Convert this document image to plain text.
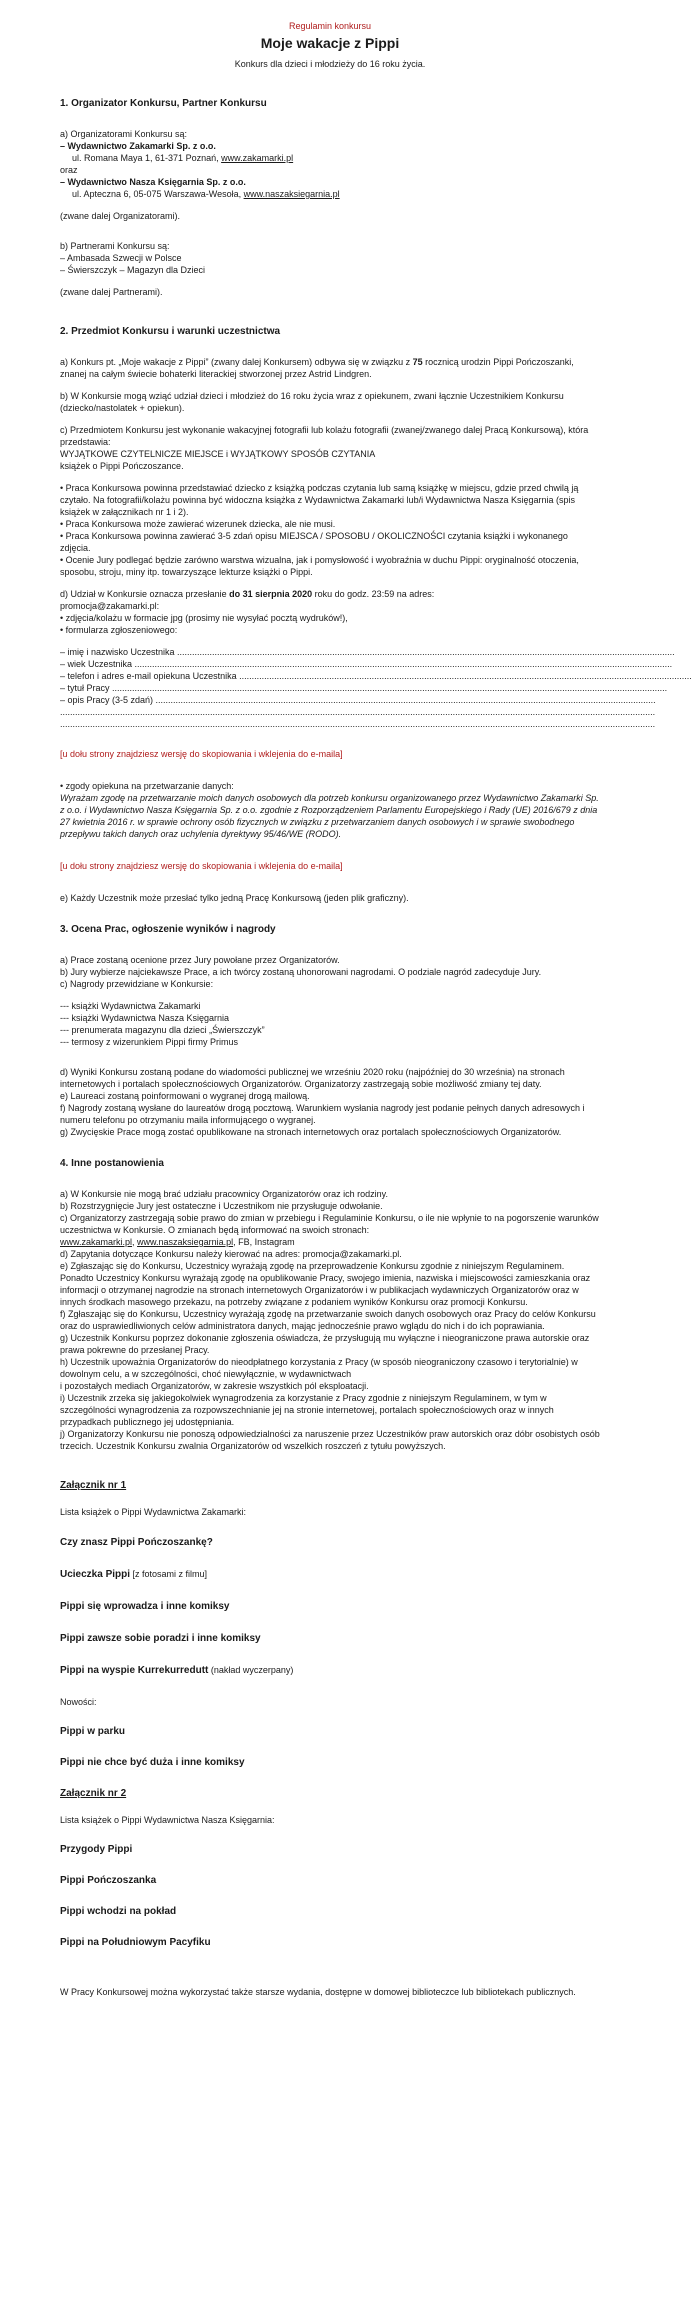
Regulamin konkursu

Moje wakacje z Pippi

Konkurs dla dzieci i młodzieży do 16 roku życia.

1. Organizator Konkursu, Partner Konkursu

a) Organizatorami Konkursu są:

– Wydawnictwo Zakamarki Sp. z o.o.

ul. Romana Maya 1, 61-371 Poznań, www.zakamarki.pl

oraz

– Wydawnictwo Nasza Księgarnia Sp. z o.o.

ul. Apteczna 6, 05-075 Warszawa-Wesoła, www.naszaksiegarnia.pl

(zwane dalej Organizatorami).

b) Partnerami Konkursu są:

– Ambasada Szwecji w Polsce

– Świerszczyk – Magazyn dla Dzieci

(zwane dalej Partnerami).

2. Przedmiot Konkursu i warunki uczestnictwa

a) Konkurs pt. „Moje wakacje z Pippi” (zwany dalej Konkursem) odbywa się w związku z 75 rocznicą urodzin Pippi Pończoszanki, znanej na całym świecie bohaterki literackiej stworzonej przez Astrid Lindgren.

b) W Konkursie mogą wziąć udział dzieci i młodzież do 16 roku życia wraz z opiekunem, zwani łącznie Uczestnikiem Konkursu (dziecko/nastolatek + opiekun).

c) Przedmiotem Konkursu jest wykonanie wakacyjnej fotografii lub kolażu fotografii (zwanej/zwanego dalej Pracą Konkursową), która przedstawia:

WYJĄTKOWE CZYTELNICZE MIEJSCE i WYJĄTKOWY SPOSÓB CZYTANIA

książek o Pippi Pończoszance.

• Praca Konkursowa powinna przedstawiać dziecko z książką podczas czytania lub samą książkę w miejscu, gdzie przed chwilą ją czytało. Na fotografii/kolażu powinna być widoczna książka z Wydawnictwa Zakamarki lub/i Wydawnictwa Nasza Księgarnia (spis książek w załącznikach nr 1 i 2).

• Praca Konkursowa może zawierać wizerunek dziecka, ale nie musi.

• Praca Konkursowa powinna zawierać 3-5 zdań opisu MIEJSCA / SPOSOBU / OKOLICZNOŚCI czytania książki i wykonanego zdjęcia.

• Ocenie Jury podlegać będzie zarówno warstwa wizualna, jak i pomysłowość i wyobraźnia w duchu Pippi: oryginalność otoczenia, sposobu, stroju, miny itp. towarzyszące lekturze książki o Pippi.

d) Udział w Konkursie oznacza przesłanie do 31 sierpnia 2020 roku do godz. 23:59 na adres:

promocja@zakamarki.pl:

• zdjęcia/kolażu w formacie jpg (prosimy nie wysyłać pocztą wydruków!),

• formularza zgłoszeniowego:

– imię i nazwisko Uczestnika .......................................................................................................................................................................................................
– wiek Uczestnika .......................................................................................................................................................................................................................
– telefon i adres e-mail opiekuna Uczestnika .....................................................................................................................................................................................
– tytuł Pracy ..............................................................................................................................................................................................................................
– opis Pracy (3-5 zdań) ........................................................................................................................................................................................................
..............................................................................................................................................................................................................................................
..............................................................................................................................................................................................................................................

[u dołu strony znajdziesz wersję do skopiowania i wklejenia do e-maila]

• zgody opiekuna na przetwarzanie danych:

Wyrażam zgodę na przetwarzanie moich danych osobowych dla potrzeb konkursu organizowanego przez Wydawnictwo Zakamarki Sp. z o.o. i Wydawnictwo Nasza Księgarnia Sp. z o.o. zgodnie z Rozporządzeniem Parlamentu Europejskiego i Rady (UE) 2016/679 z dnia 27 kwietnia 2016 r. w sprawie ochrony osób fizycznych w związku z przetwarzaniem danych osobowych i w sprawie swobodnego przepływu takich danych oraz uchylenia dyrektywy 95/46/WE (RODO).

[u dołu strony znajdziesz wersję do skopiowania i wklejenia do e-maila]

e) Każdy Uczestnik może przesłać tylko jedną Pracę Konkursową (jeden plik graficzny).

3. Ocena Prac, ogłoszenie wyników i nagrody

a) Prace zostaną ocenione przez Jury powołane przez Organizatorów.

b) Jury wybierze najciekawsze Prace, a ich twórcy zostaną uhonorowani nagrodami. O podziale nagród zadecyduje Jury.

c) Nagrody przewidziane w Konkursie:

--- książki Wydawnictwa Zakamarki

--- książki Wydawnictwa Nasza Księgarnia

--- prenumerata magazynu dla dzieci „Świerszczyk”

--- termosy z wizerunkiem Pippi firmy Primus

d) Wyniki Konkursu zostaną podane do wiadomości publicznej we wrześniu 2020 roku (najpóźniej do 30 września) na stronach internetowych i portalach społecznościowych Organizatorów. Organizatorzy zastrzegają sobie możliwość zmiany tej daty.

e) Laureaci zostaną poinformowani o wygranej drogą mailową.

f) Nagrody zostaną wysłane do laureatów drogą pocztową. Warunkiem wysłania nagrody jest podanie pełnych danych adresowych i numeru telefonu po otrzymaniu maila informującego o wygranej.

g) Zwycięskie Prace mogą zostać opublikowane na stronach internetowych oraz portalach społecznościowych Organizatorów.

4. Inne postanowienia

a) W Konkursie nie mogą brać udziału pracownicy Organizatorów oraz ich rodziny.

b) Rozstrzygnięcie Jury jest ostateczne i Uczestnikom nie przysługuje odwołanie.

c) Organizatorzy zastrzegają sobie prawo do zmian w przebiegu i Regulaminie Konkursu, o ile nie wpłynie to na pogorszenie warunków uczestnictwa w Konkursie. O zmianach będą informować na swoich stronach:

www.zakamarki.pl, www.naszaksiegarnia.pl, FB, Instagram

d) Zapytania dotyczące Konkursu należy kierować na adres: promocja@zakamarki.pl.

e) Zgłaszając się do Konkursu, Uczestnicy wyrażają zgodę na przeprowadzenie Konkursu zgodnie z niniejszym Regulaminem. Ponadto Uczestnicy Konkursu wyrażają zgodę na opublikowanie Pracy, swojego imienia, nazwiska i miejscowości zamieszkania oraz informacji o otrzymanej nagrodzie na stronach internetowych Organizatorów i w publikacjach wydawniczych Organizatorów oraz w innych środkach masowego przekazu, na potrzeby związane z podaniem wyników Konkursu oraz promocji Konkursu.

f) Zgłaszając się do Konkursu, Uczestnicy wyrażają zgodę na przetwarzanie swoich danych osobowych oraz Pracy do celów Konkursu oraz do usprawiedliwionych celów administratora danych, mając jednocześnie prawo wglądu do nich i do ich poprawiania.

g) Uczestnik Konkursu poprzez dokonanie zgłoszenia oświadcza, że przysługują mu wyłączne i nieograniczone prawa autorskie oraz prawa pokrewne do przesłanej Pracy.

h) Uczestnik upoważnia Organizatorów do nieodpłatnego korzystania z Pracy (w sposób nieograniczony czasowo i terytorialnie) w dowolnym celu, a w szczególności, choć niewyłącznie, w wydawnictwach

i pozostałych mediach Organizatorów, w zakresie wszystkich pól eksploatacji.

i) Uczestnik zrzeka się jakiegokolwiek wynagrodzenia za korzystanie z Pracy zgodnie z niniejszym Regulaminem, w tym w szczególności wynagrodzenia za rozpowszechnianie jej na stronie internetowej, portalach społecznościowych oraz w innych przypadkach publicznego jej udostępniania.

j) Organizatorzy Konkursu nie ponoszą odpowiedzialności za naruszenie przez Uczestników praw autorskich oraz dóbr osobistych osób trzecich. Uczestnik Konkursu zwalnia Organizatorów od wszelkich roszczeń z tytułu powyższych.

Załącznik nr 1

Lista książek o Pippi Wydawnictwa Zakamarki:

Czy znasz Pippi Pończoszankę?

Ucieczka Pippi [z fotosami z filmu]

Pippi się wprowadza i inne komiksy

Pippi zawsze sobie poradzi i inne komiksy

Pippi na wyspie Kurrekurredutt (nakład wyczerpany)

Nowości:

Pippi w parku

Pippi nie chce być duża i inne komiksy

Załącznik nr 2

Lista książek o Pippi Wydawnictwa Nasza Księgarnia:

Przygody Pippi

Pippi Pończoszanka

Pippi wchodzi na pokład

Pippi na Południowym Pacyfiku

W Pracy Konkursowej można wykorzystać także starsze wydania, dostępne w domowej biblioteczce lub bibliotekach publicznych.
